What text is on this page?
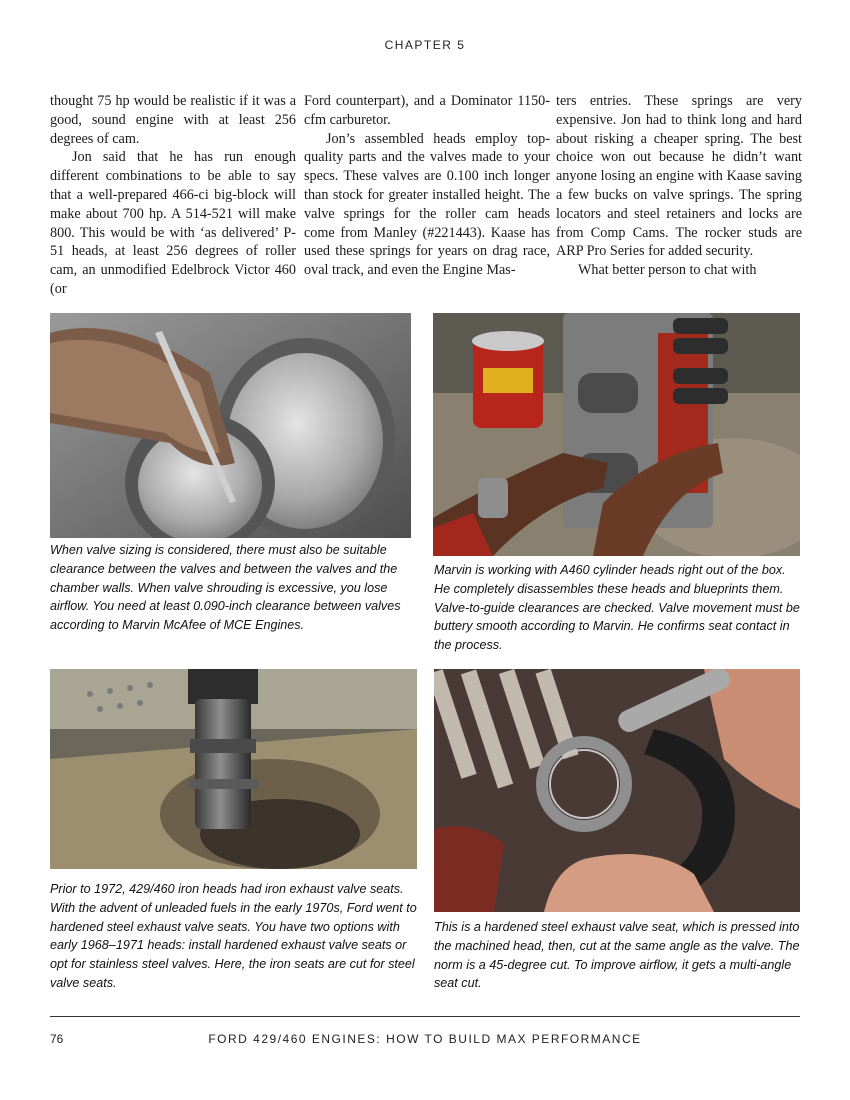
CHAPTER 5

thought 75 hp would be realistic if it was a good, sound engine with at least 256 degrees of cam.

Jon said that he has run enough different combinations to be able to say that a well-prepared 466-ci big-block will make about 700 hp. A 514-521 will make 800. This would be with ‘as delivered’ P-51 heads, at least 256 degrees of roller cam, an unmodified Edelbrock Victor 460 (or

Ford counterpart), and a Dominator 1150-cfm carburetor.

Jon’s assembled heads employ top-quality parts and the valves made to your specs. These valves are 0.100 inch longer than stock for greater installed height. The valve springs for the roller cam heads come from Manley (#221443). Kaase has used these springs for years on drag race, oval track, and even the Engine Mas-

ters entries. These springs are very expensive. Jon had to think long and hard about risking a cheaper spring. The best choice won out because he didn’t want anyone losing an engine with Kaase saving a few bucks on valve springs. The spring locators and steel retainers and locks are from Comp Cams. The rocker studs are ARP Pro Series for added security.

What better person to chat with

When valve sizing is considered, there must also be suitable clearance between the valves and between the valves and the chamber walls. When valve shrouding is excessive, you lose airflow. You need at least 0.090-inch clearance between valves according to Marvin McAfee of MCE Engines.
Marvin is working with A460 cylinder heads right out of the box. He completely disassembles these heads and blueprints them. Valve-to-guide clearances are checked. Valve movement must be buttery smooth according to Marvin. He confirms seat contact in the process.
Prior to 1972, 429/460 iron heads had iron exhaust valve seats. With the advent of unleaded fuels in the early 1970s, Ford went to hardened steel exhaust valve seats. You have two options with early 1968–1971 heads: install hardened exhaust valve seats or opt for stainless steel valves. Here, the iron seats are cut for steel valve seats.
This is a hardened steel exhaust valve seat, which is pressed into the machined head, then, cut at the same angle as the valve. The norm is a 45-degree cut. To improve airflow, it gets a multi-angle seat cut.
76	FORD 429/460 ENGINES: HOW TO BUILD MAX PERFORMANCE
